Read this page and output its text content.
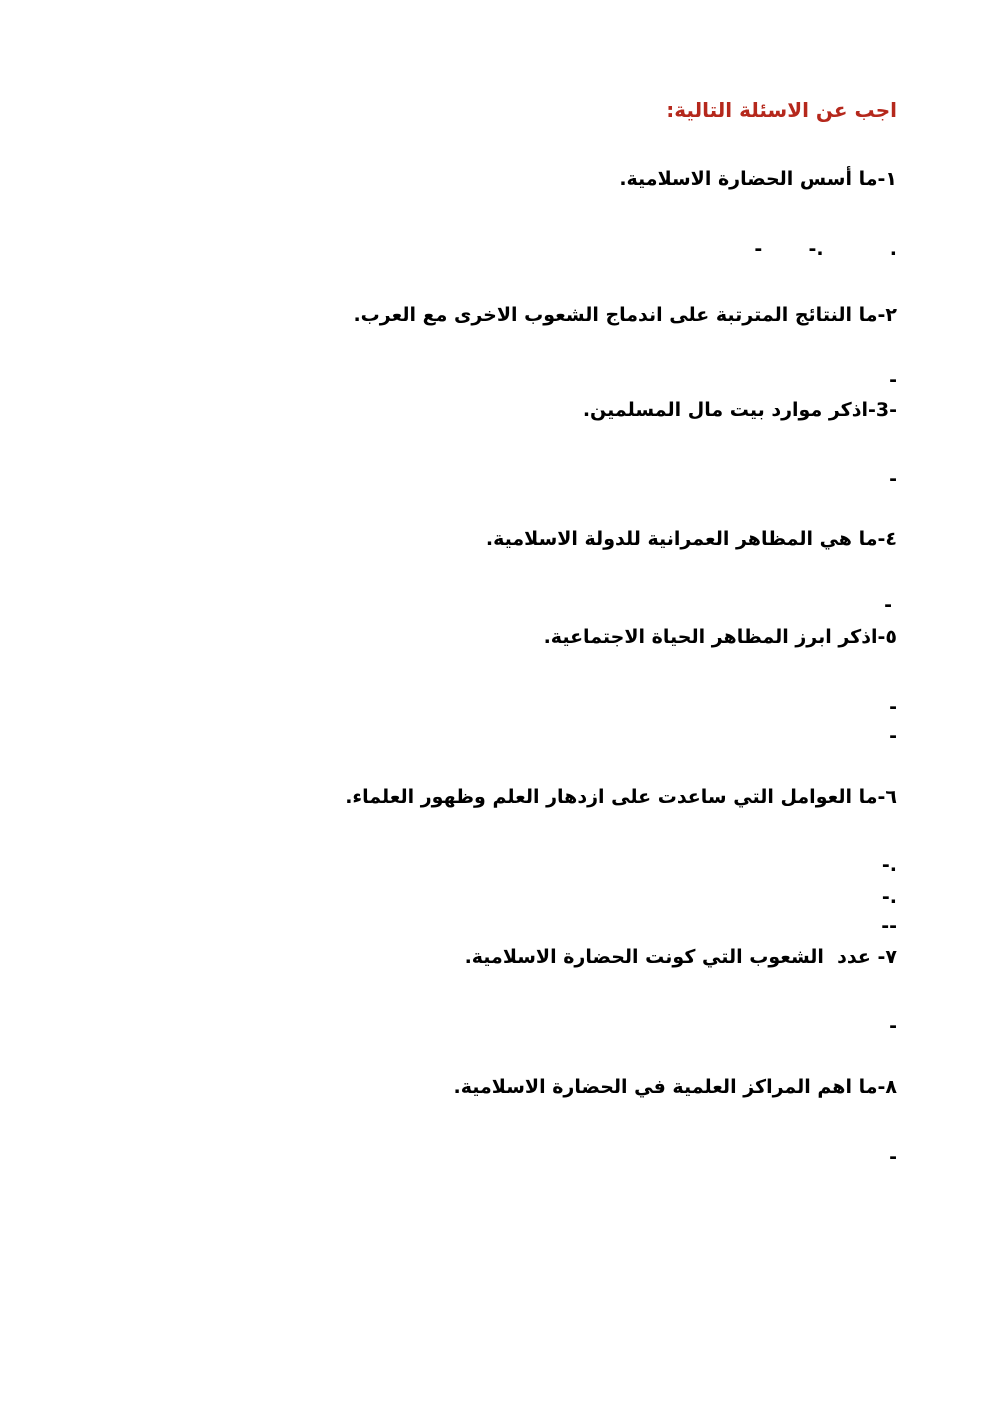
اجب عن الاسئلة التالية:
١-ما أسس الحضارة الاسلامية.
.          .-       -
٢-ما النتائج المترتبة على اندماج الشعوب الاخرى مع العرب.
-
-3-اذكر موارد بيت مال المسلمين.
-
٤-ما هي المظاهر العمرانية للدولة الاسلامية.
-
٥-اذكر ابرز المظاهر الحياة الاجتماعية.
-
-
٦-ما العوامل التي ساعدت على ازدهار العلم وظهور العلماء.
.-
.-
--
٧- عدد  الشعوب التي كونت الحضارة الاسلامية.
-
٨-ما اهم المراكز العلمية في الحضارة الاسلامية.
-
